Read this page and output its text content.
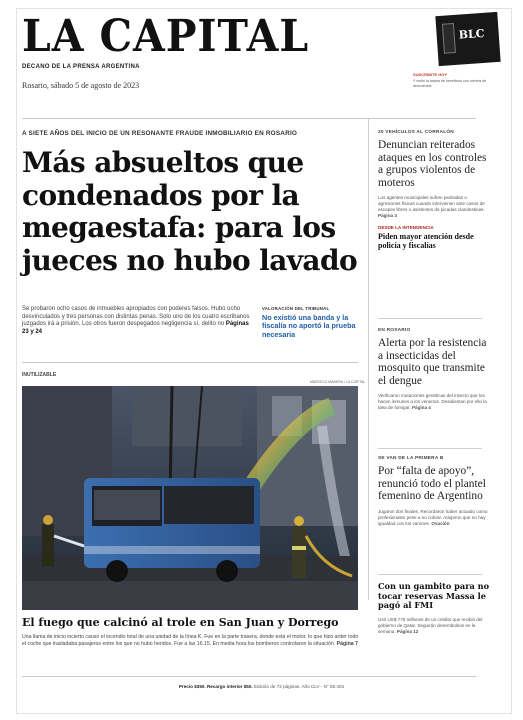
LA CAPITAL
DECANO DE LA PRENSA ARGENTINA
Rosario, sábado 5 de agosto de 2023
BLC
SUSCRIBITE HOY
Y recibí la tarjeta de beneficios con cientos de descuentos
A SIETE AÑOS DEL INICIO DE UN RESONANTE FRAUDE INMOBILIARIO EN ROSARIO
Más absueltos que condenados por la megaestafa: para los jueces no hubo lavado
Se probaron ocho casos de inmuebles apropiados con poderes falsos. Hubo ocho desvinculados y tres personas con distintas penas. Solo uno de los cuatro escribanos juzgados irá a prisión. Los otros fueron despegados negligencia sí, delito no Páginas 23 y 24
VALORACIÓN DEL TRIBUNAL
No existió una banda y la fiscalía no aportó la prueba necesaria
INUTILIZABLE
MARCELO MANERA / LA CAPITAL
El fuego que calcinó al trole en San Juan y Dorrego
Una llama de inicio incierto causó el incendio total de una unidad de la línea K. Fue en la parte trasera, donde está el motor, lo que hizo arder todo el coche que trasladaba pasajeros entre los que no hubo heridos. Fue a las 16.15. En media hora los bomberos controlaron la situación. Página 7
20 VEHÍCULOS AL CORRALÓN
Denuncian reiterados ataques en los controles a grupos violentos de moteros
Los agentes municipales sufren pedradas o agresiones físicas cuando intervienen ante casos de escapes libres o asistentes de picadas clandestinas. Página 3
DESDE LA INTENDENCIA
Piden mayor atención desde policía y fiscalías
EN ROSARIO
Alerta por la resistencia a insecticidas del mosquito que transmite el dengue
Verificaron mutaciones genéticas del insecto que los hacen inmunes a los venenos. Desalientan por ello la idea de fumigar. Página 4
SE VAN DE LA PRIMERA B
Por “falta de apoyo”, renunció todo el plantel femenino de Argentino
Jugaron dos finales. Recordaron haber actuado como profesionales pese a no cobrar. Adujeron que no hay igualdad con los varones. Ovación
Con un gambito para no tocar reservas Massa le pagó al FMI
Usó US$ 775 millones de un crédito que recibió del gobierno de Qatar. Seguirán desembolsos en la semana. Página 12
Precio $350. Recargo interior $50. Edición de 72 páginas. Año CLV - N° 55.404
